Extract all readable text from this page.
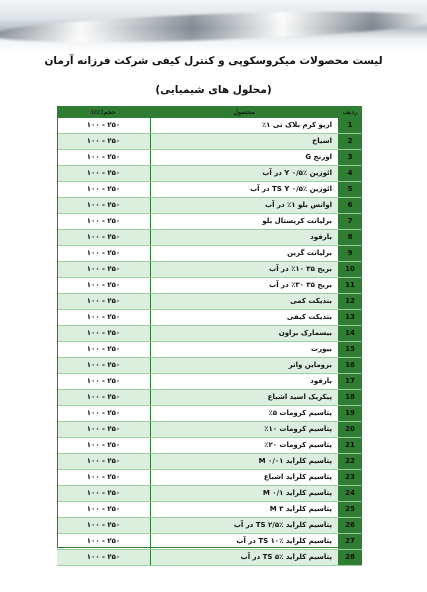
لیست محصولات میکروسکوپی و کنترل کیفی شرکت فرزانه آرمان
(محلول های شیمیایی)
ردیف
محصول
حجم(cc)
1
اریو کرم بلاک تی ۱٪
۱۰۰ - ۲۵۰
2
اسیاح
۱۰۰ - ۲۵۰
3
اورنج G
۱۰۰ - ۲۵۰
4
ائوزین Y ۰/۵٪ در آب
۱۰۰ - ۲۵۰
5
ائوزین TS Y ۰/۵٪ در آب
۱۰۰ - ۲۵۰
6
اوانس بلو ۱٪ در آب
۱۰۰ - ۲۵۰
7
برلیانت کریستال بلو
۱۰۰ - ۲۵۰
8
بارفود
۱۰۰ - ۲۵۰
9
برلیانت گرین
۱۰۰ - ۲۵۰
10
بریج ۳۵ ۱۰٪ در آب
۱۰۰ - ۲۵۰
11
بریج ۳۵ ۳۰٪ در آب
۱۰۰ - ۲۵۰
12
بندیکت کمی
۱۰۰ - ۲۵۰
13
بندیکت کیفی
۱۰۰ - ۲۵۰
14
بیسمارک براون
۱۰۰ - ۲۵۰
15
بیورت
۱۰۰ - ۲۵۰
16
بروماین واتر
۱۰۰ - ۲۵۰
17
بارفود
۱۰۰ - ۲۵۰
18
پیکریک اسید اشباع
۱۰۰ - ۲۵۰
19
پتاسیم کرومات ۵٪
۱۰۰ - ۲۵۰
20
پتاسیم کرومات ۱۰٪
۱۰۰ - ۲۵۰
21
پتاسیم کرومات ۲۰٪
۱۰۰ - ۲۵۰
22
پتاسیم کلراید M ۰/۰۱
۱۰۰ - ۲۵۰
23
پتاسیم کلراید اشباع
۱۰۰ - ۲۵۰
24
پتاسیم کلراید M ۰/۱
۱۰۰ - ۲۵۰
25
پتاسیم کلراید M ۳
۱۰۰ - ۲۵۰
26
پتاسیم کلراید TS ۲/۵٪ در آب
۱۰۰ - ۲۵۰
27
پتاسیم کلراید TS ۱۰٪ در آب
۱۰۰ - ۲۵۰
28
پتاسیم کلراید TS ۵٪ در آب
۱۰۰ - ۲۵۰
